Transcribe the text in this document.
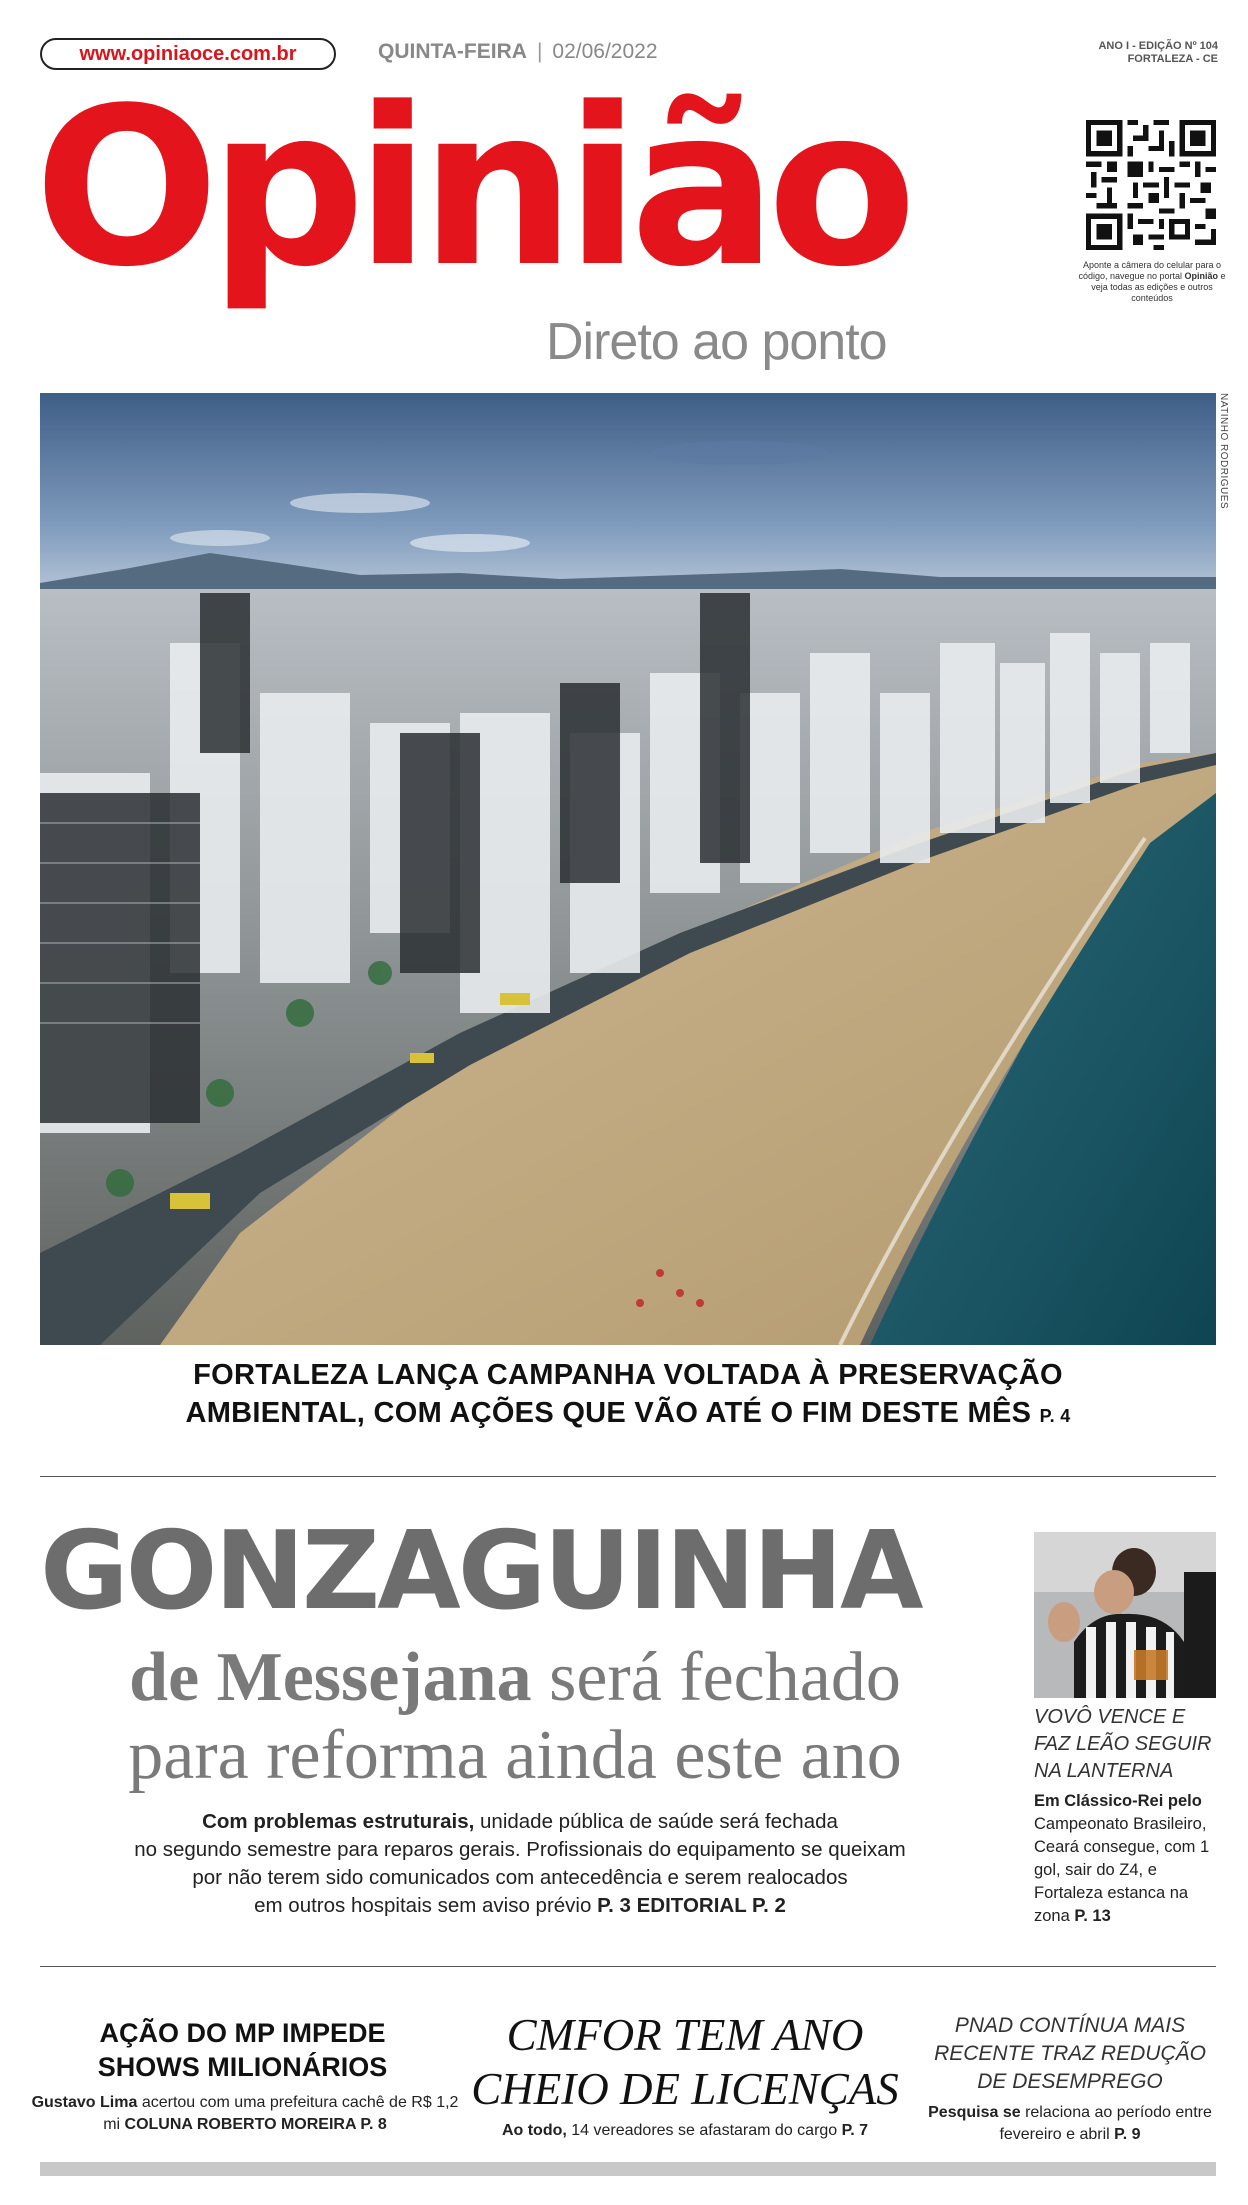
www.opiniaoce.com.br	QUINTA-FEIRA | 02/06/2022	ANO I - EDIÇÃO Nº 104
FORTALEZA - CE
Opinião
Direto ao ponto
Aponte a câmera do celular para o código, navegue no portal Opinião e veja todas as edições e outros conteúdos
NATINHO RODRIGUES
FORTALEZA LANÇA CAMPANHA VOLTADA À PRESERVAÇÃO
AMBIENTAL, COM AÇÕES QUE VÃO ATÉ O FIM DESTE MÊS P. 4
GONZAGUINHA
de Messejana será fechado
para reforma ainda este ano
Com problemas estruturais, unidade pública de saúde será fechada
no segundo semestre para reparos gerais. Profissionais do equipamento se queixam
por não terem sido comunicados com antecedência e serem realocados
em outros hospitais sem aviso prévio P. 3 EDITORIAL P. 2
VOVÔ VENCE E
FAZ LEÃO SEGUIR
NA LANTERNA
Em Clássico-Rei pelo Campeonato Brasileiro, Ceará consegue, com 1 gol, sair do Z4, e Fortaleza estanca na zona P. 13
AÇÃO DO MP IMPEDE
SHOWS MILIONÁRIOS
Gustavo Lima acertou com uma prefeitura cachê de R$ 1,2 mi COLUNA ROBERTO MOREIRA P. 8
CMFOR TEM ANO
CHEIO DE LICENÇAS
Ao todo, 14 vereadores se afastaram do cargo P. 7
PNAD CONTÍNUA MAIS
RECENTE TRAZ REDUÇÃO
DE DESEMPREGO
Pesquisa se relaciona ao período entre fevereiro e abril P. 9
